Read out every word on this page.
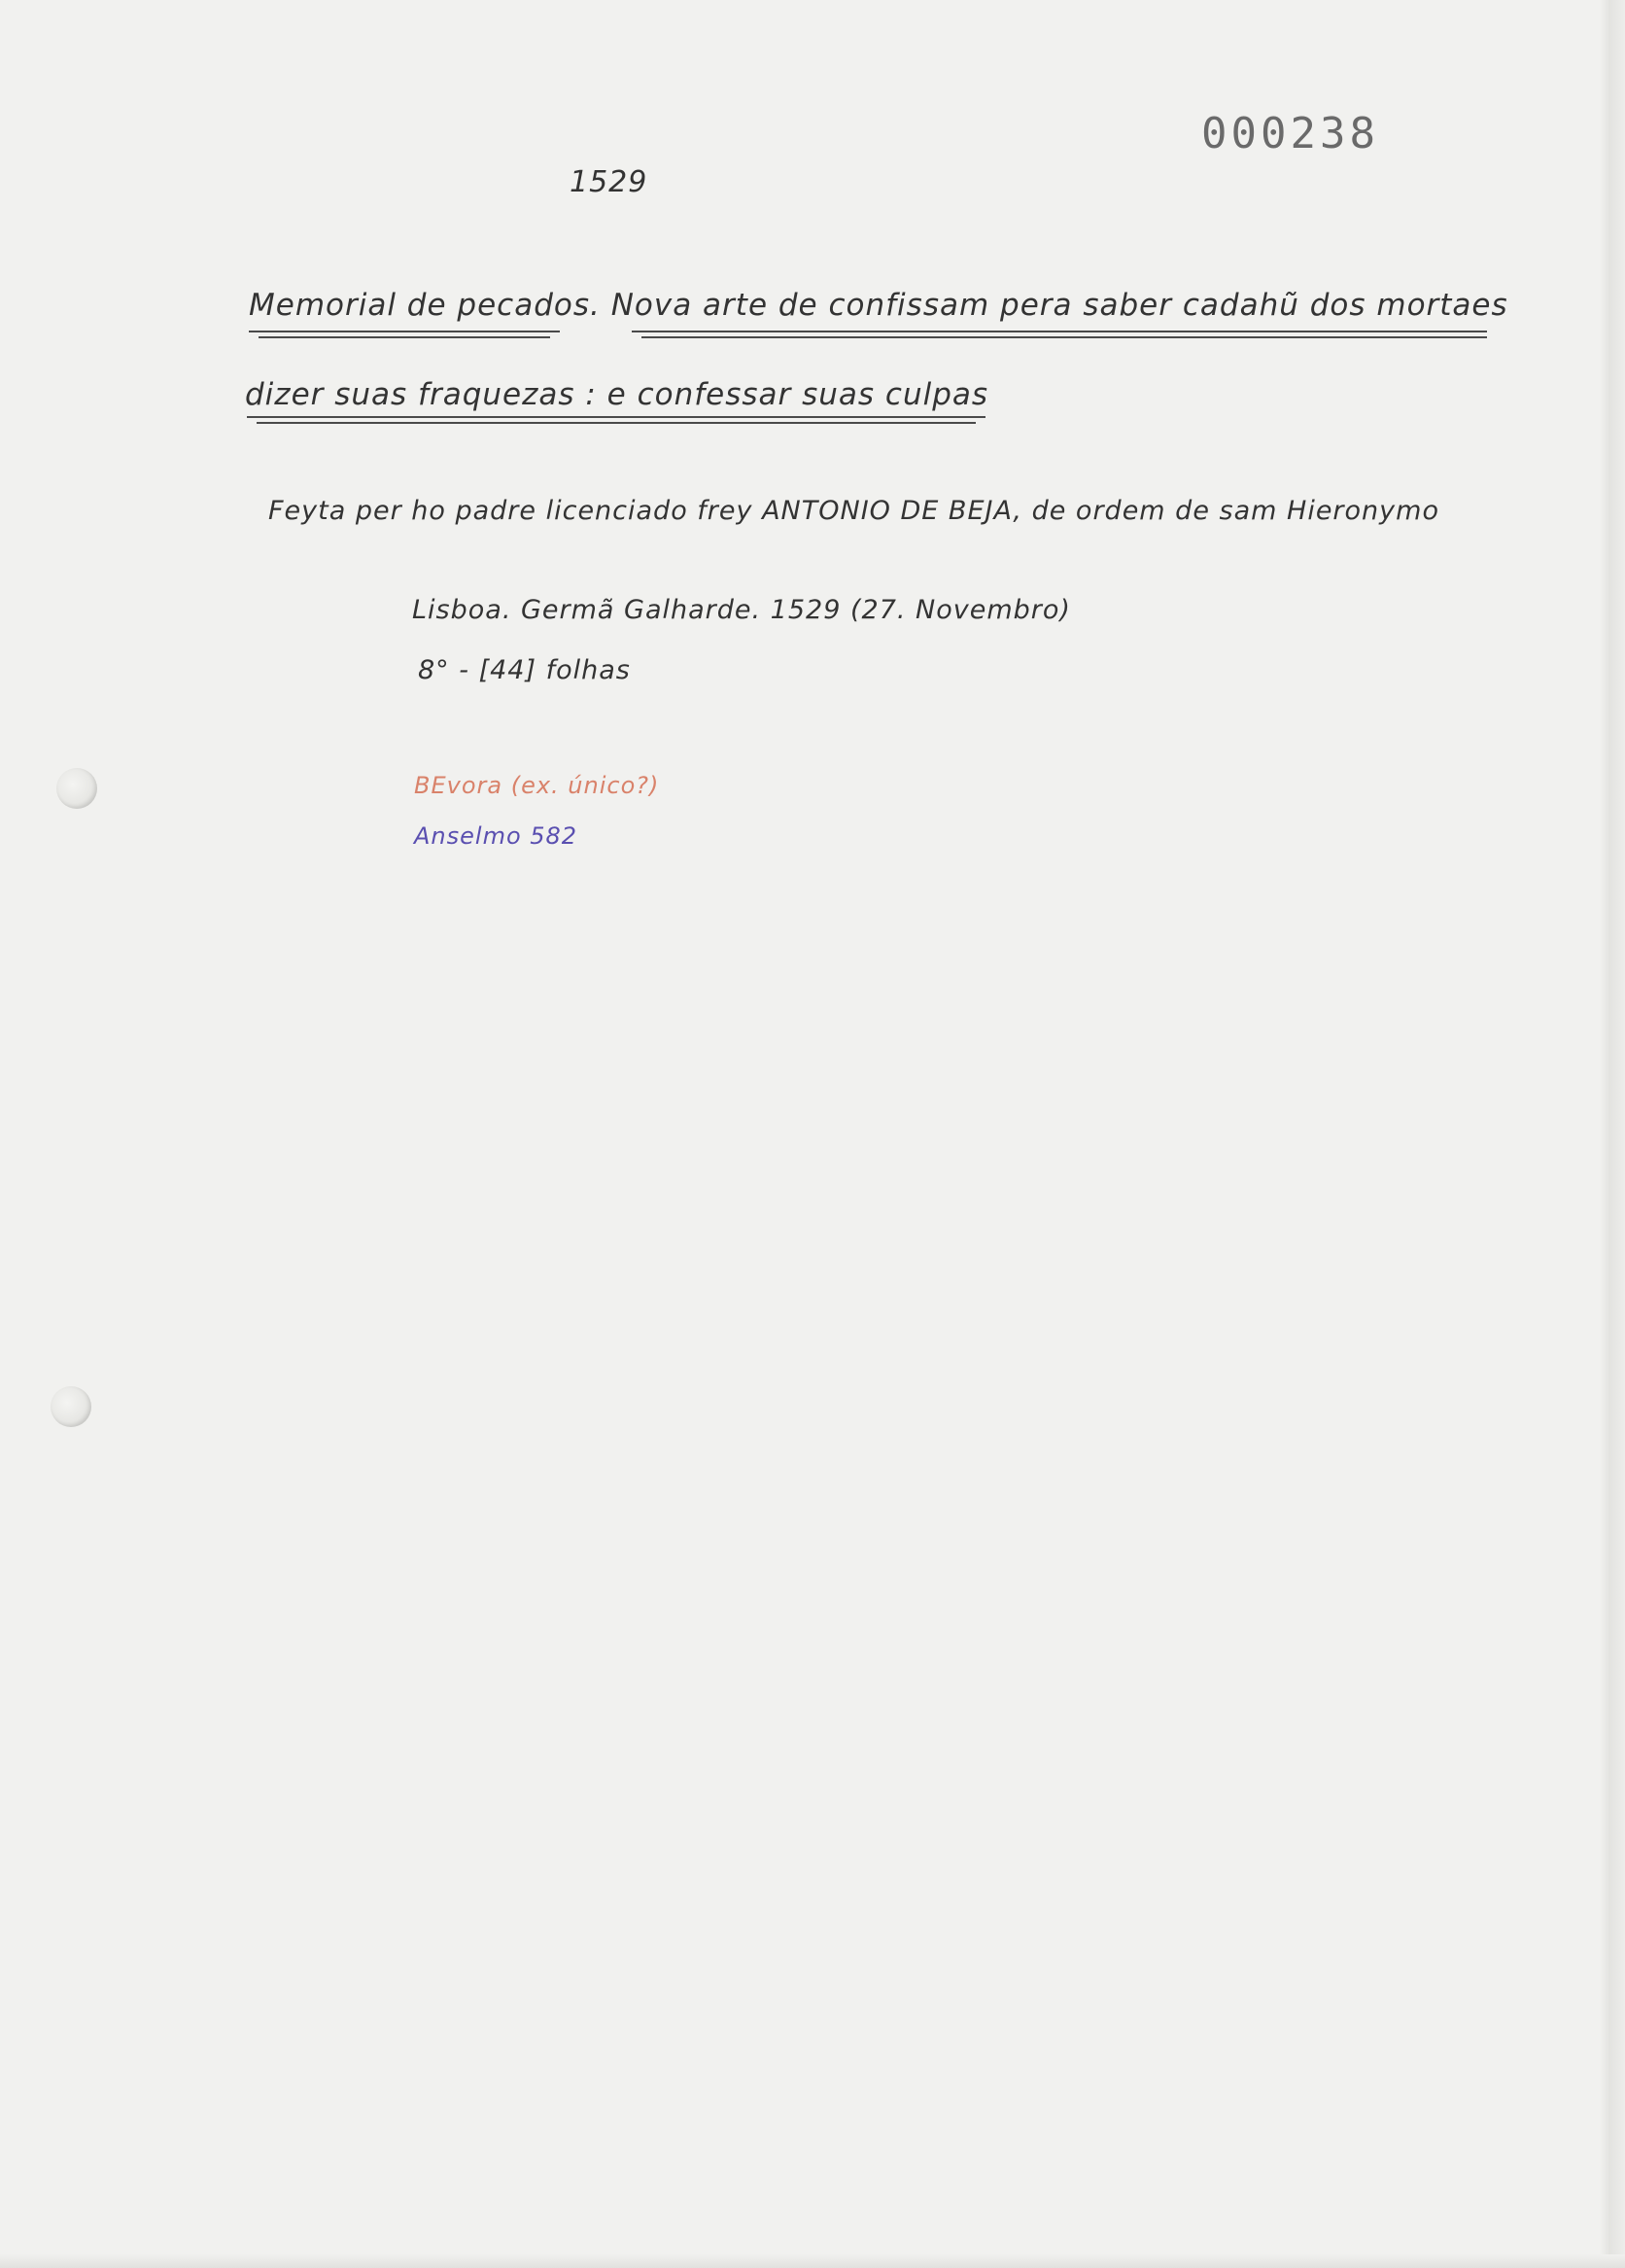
000238
1529
Memorial de pecados. Nova arte de confissam pera saber cadahũ dos mortaes
dizer suas fraquezas : e confessar suas culpas
Feyta per ho padre licenciado frey ANTONIO DE BEJA, de ordem de sam Hieronymo
Lisboa. Germã Galharde. 1529 (27. Novembro)
8° - [44] folhas
BEvora (ex. único?)
Anselmo 582
